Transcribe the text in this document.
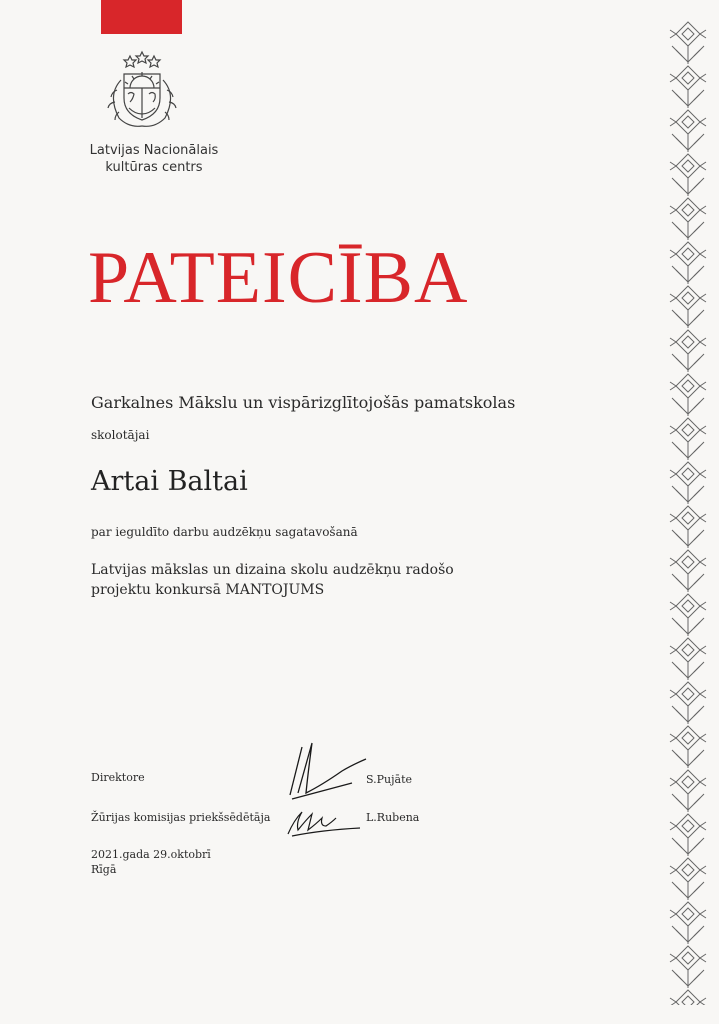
Latvijas Nacionālais
kultūras centrs
PATEICĪBA
Garkalnes Mākslu un vispārizglītojošās pamatskolas
skolotājai
Artai Baltai
par ieguldīto darbu audzēkņu sagatavošanā
Latvijas mākslas un dizaina skolu audzēkņu radošo
projektu konkursā MANTOJUMS
Direktore
Žūrijas komisijas priekšsēdētāja
S.Pujāte
L.Rubena
2021.gada 29.oktobrī
Rīgā
